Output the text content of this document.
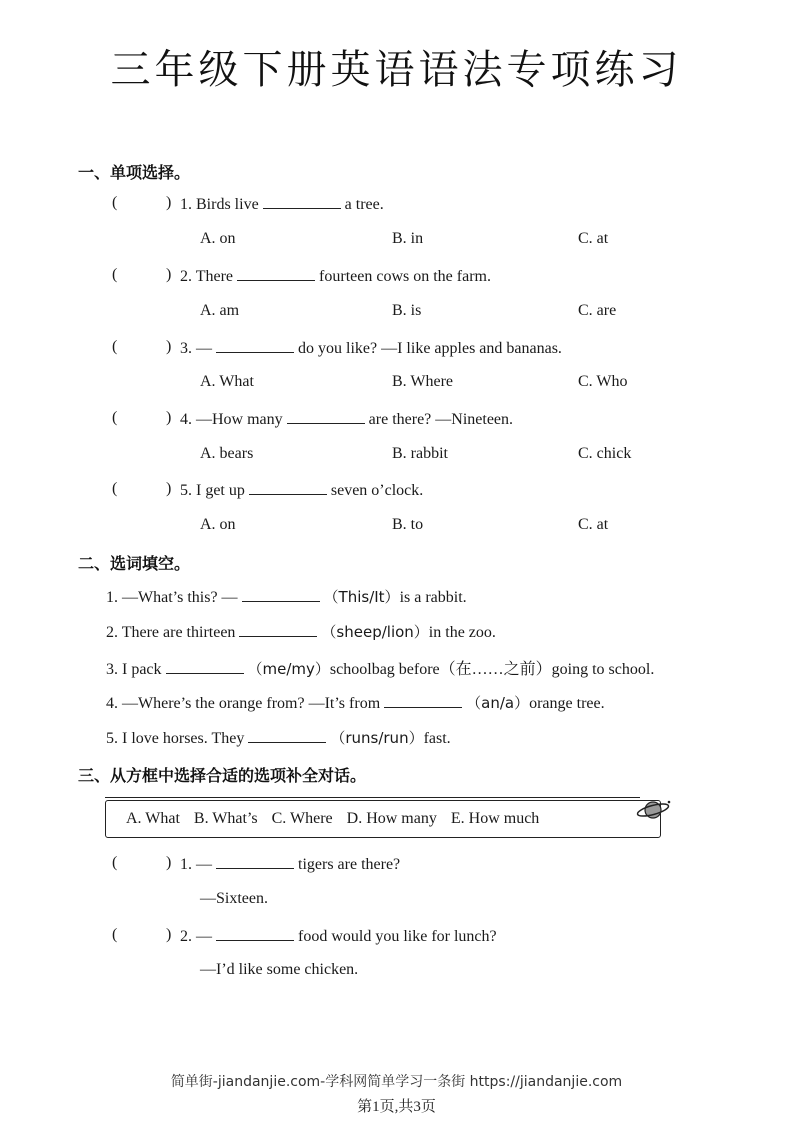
三年级下册英语语法专项练习
一、单项选择。
(	) 1. Birds live	a tree.
A. on	B. in	C. at
(	) 2. There	fourteen cows on the farm.
A. am	B. is	C. are
(	) 3. —	do you like? —I like apples and bananas.
A. What	B. Where	C. Who
(	) 4. —How many	are there? —Nineteen.
A. bears	B. rabbit	C. chick
(	) 5. I get up	seven o’clock.
A. on	B. to	C. at
二、选词填空。
1. —What’s this? —	（This/It）is a rabbit.
2. There are thirteen	（sheep/lion）in the zoo.
3. I pack	（me/my）schoolbag before（在……之前）going to school.
4. —Where’s the orange from? —It’s from	（an/a）orange tree.
5. I love horses. They	（runs/run）fast.
三、从方框中选择合适的选项补全对话。
A. What B. What’s C. Where D. How many E. How much
(	) 1. —	tigers are there?
—Sixteen.
(	) 2. —	food would you like for lunch?
—I’d like some chicken.
简单街-jiandanjie.com-学科网简单学习一条街 https://jiandanjie.com
第1页,共3页
